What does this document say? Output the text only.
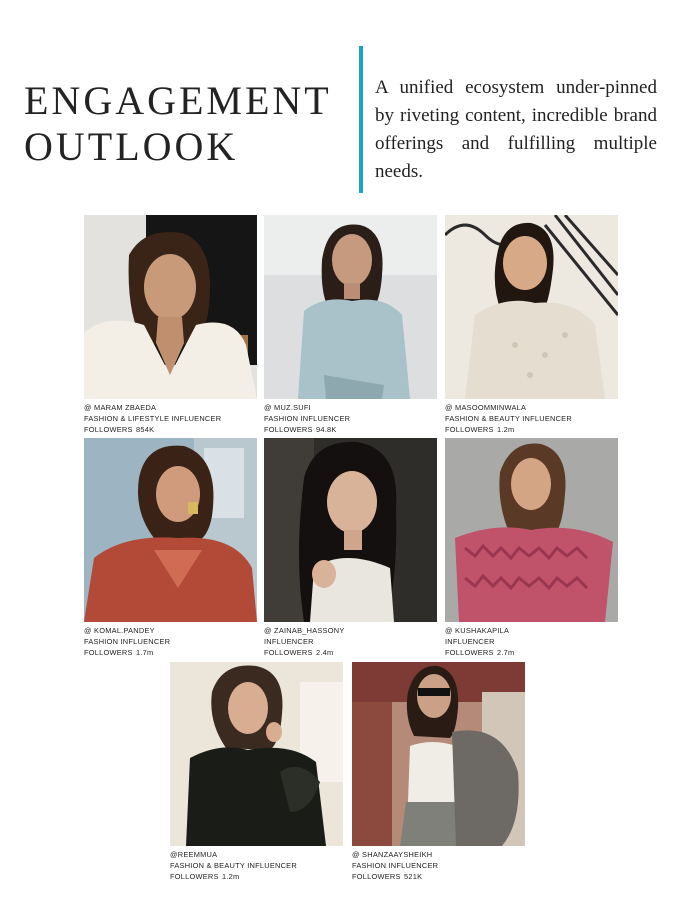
ENGAGEMENT
OUTLOOK

A unified ecosystem under-pinned by riveting content, incredible brand offerings and fulfilling multiple needs.

@ MARAM ZBAEDA
FASHION & LIFESTYLE INFLUENCER
FOLLOWERS 854K
@ MUZ.SUFI
FASHION INFLUENCER
FOLLOWERS 94.8K
@ MASOOMMINWALA
FASHION & BEAUTY INFLUENCER
FOLLOWERS 1.2m
@ KOMAL.PANDEY
FASHION INFLUENCER
FOLLOWERS 1.7m
@ ZAINAB_HASSONY
INFLUENCER
FOLLOWERS 2.4m
@ KUSHAKAPILA
INFLUENCER
FOLLOWERS 2.7m
@REEMMUA
FASHION & BEAUTY INFLUENCER
FOLLOWERS 1.2m
@ SHANZAAYSHEIKH
FASHION INFLUENCER
FOLLOWERS 521K
